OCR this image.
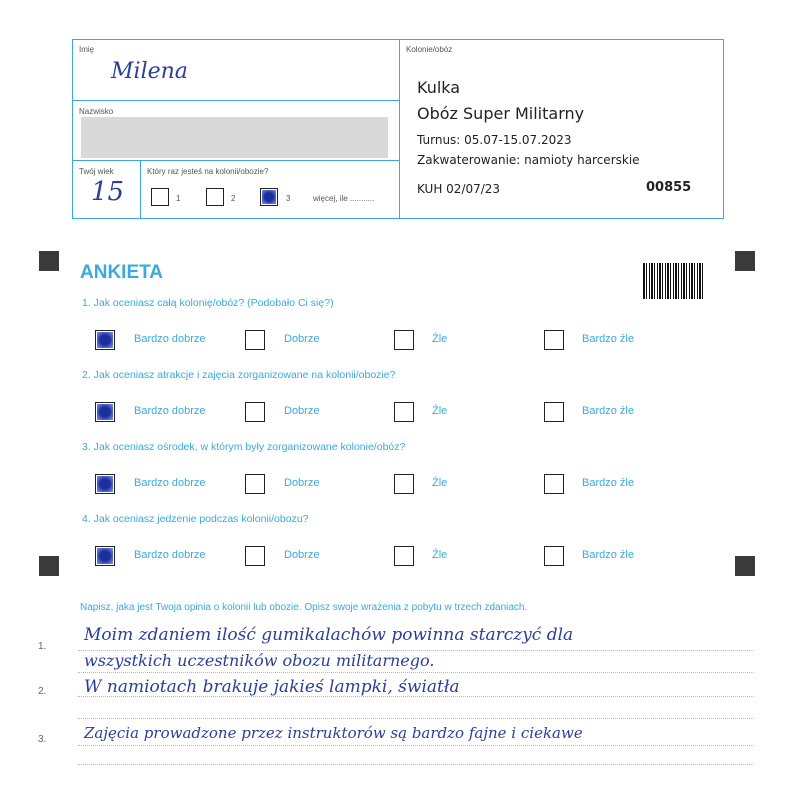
Imię
Milena
Nazwisko
Twój wiek
15
Który raz jesteś na kolonii/obozie?
1	2	3	więcej, ile ...........
Kolonie/obóz
Kulka
Obóz Super Militarny
Turnus: 05.07-15.07.2023
Zakwaterowanie: namioty harcerskie
KUH 02/07/23	00855
ANKIETA
1. Jak oceniasz całą kolonię/obóz? (Podobało Ci się?)
Bardzo dobrze	Dobrze	Źle	Bardzo źle
2. Jak oceniasz atrakcje i zajęcia zorganizowane na kolonii/obozie?
Bardzo dobrze	Dobrze	Źle	Bardzo źle
3. Jak oceniasz ośrodek, w którym były zorganizowane kolonie/obóz?
Bardzo dobrze	Dobrze	Źle	Bardzo źle
4. Jak oceniasz jedzenie podczas kolonii/obozu?
Bardzo dobrze	Dobrze	Źle	Bardzo źle
Napisz, jaka jest Twoja opinia o kolonii lub obozie. Opisz swoje wrażenia z pobytu w trzech zdaniach.
1.
2.
3.
Moim zdaniem ilość gumikalachów powinna starczyć dla
wszystkich uczestników obozu militarnego.
W namiotach brakuje jakieś lampki, światła
Zajęcia prowadzone przez instruktorów są bardzo fajne i ciekawe
